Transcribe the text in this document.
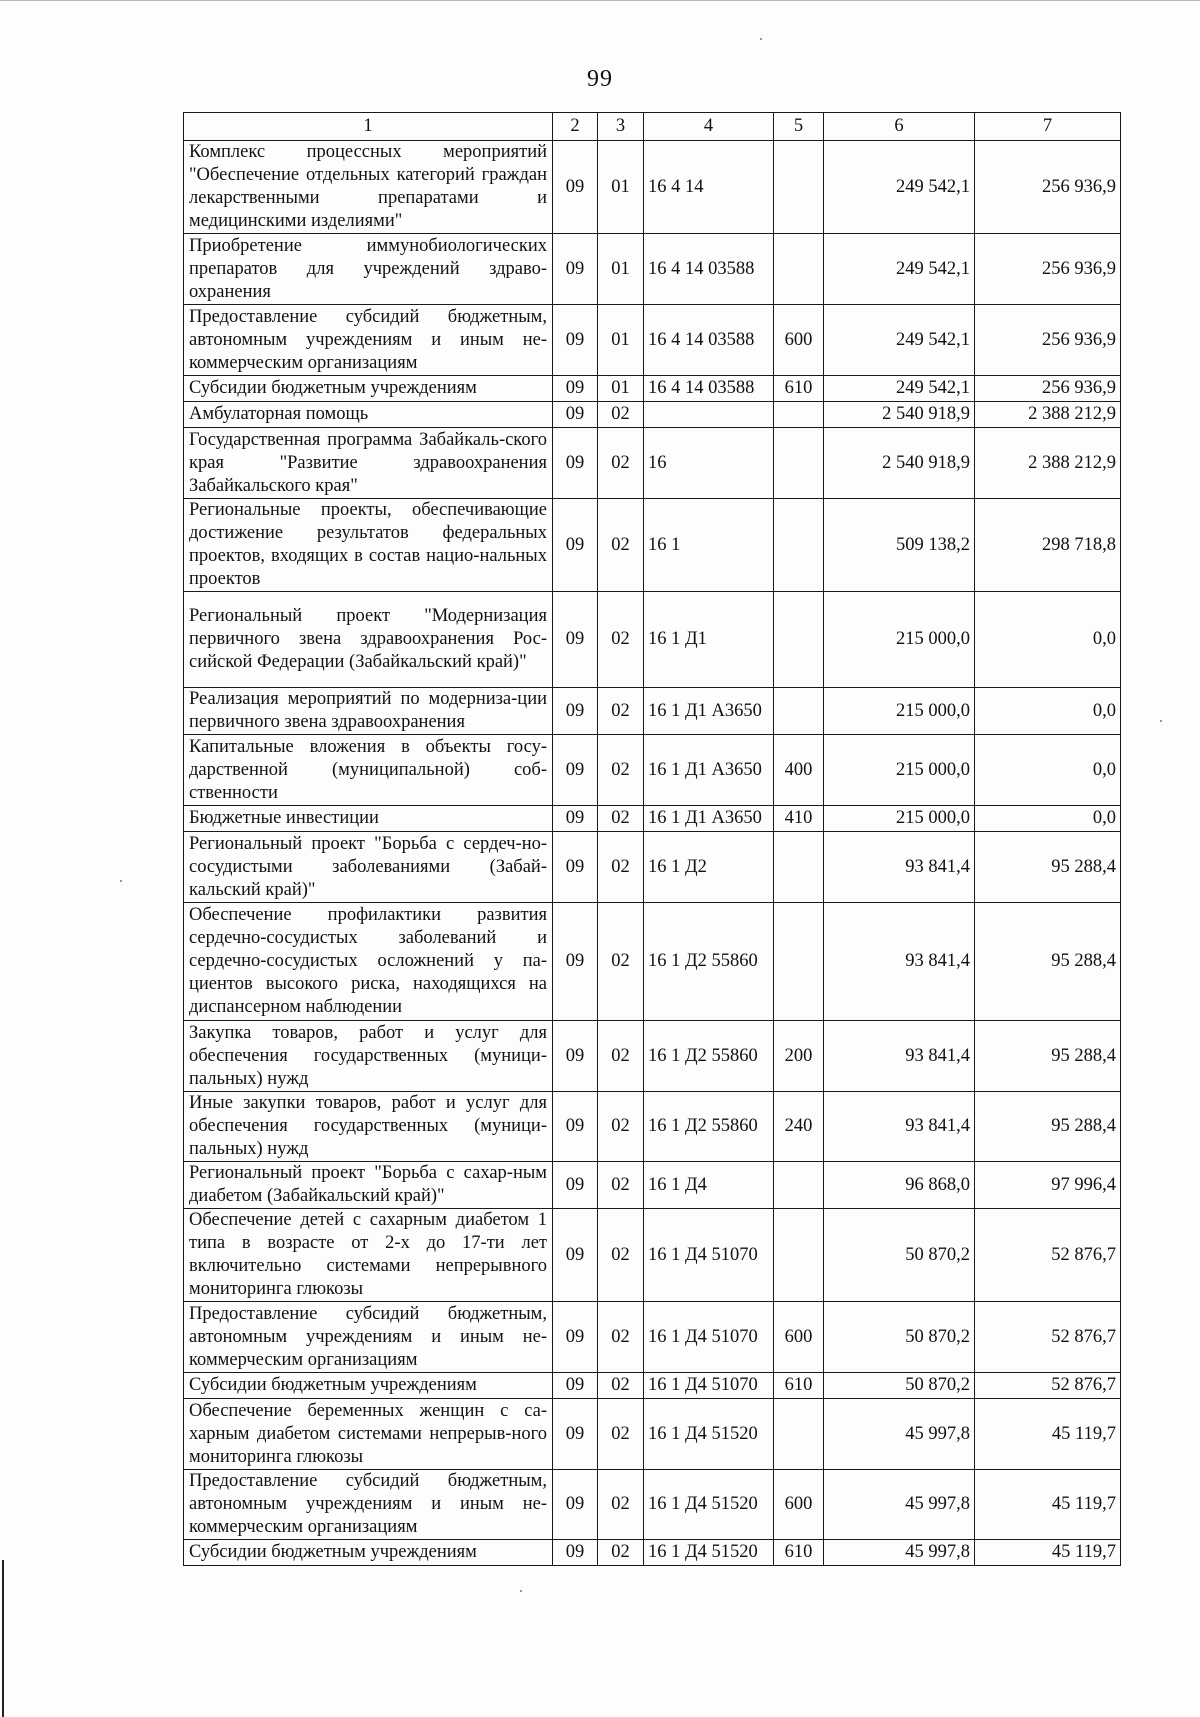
99
1	2	3	4	5	6	7
Комплекс процессных мероприятий "Обеспечение отдельных категорий граждан лекарственными препаратами и медицинскими изделиями"	09	01	16 4 14		249 542,1	256 936,9
Приобретение иммунобиологических препаратов для учреждений здраво-охранения	09	01	16 4 14 03588		249 542,1	256 936,9
Предоставление субсидий бюджетным, автономным учреждениям и иным не-коммерческим организациям	09	01	16 4 14 03588	600	249 542,1	256 936,9
Субсидии бюджетным учреждениям	09	01	16 4 14 03588	610	249 542,1	256 936,9
Амбулаторная помощь	09	02			2 540 918,9	2 388 212,9
Государственная программа Забайкаль-ского края "Развитие здравоохранения Забайкальского края"	09	02	16		2 540 918,9	2 388 212,9
Региональные проекты, обеспечивающие достижение результатов федеральных проектов, входящих в состав нацио-нальных проектов	09	02	16 1		509 138,2	298 718,8
Региональный проект "Модернизация первичного звена здравоохранения Рос-сийской Федерации (Забайкальский край)"	09	02	16 1 Д1		215 000,0	0,0
Реализация мероприятий по модерниза-ции первичного звена здравоохранения	09	02	16 1 Д1 А3650		215 000,0	0,0
Капитальные вложения в объекты госу-дарственной (муниципальной) соб-ственности	09	02	16 1 Д1 А3650	400	215 000,0	0,0
Бюджетные инвестиции	09	02	16 1 Д1 А3650	410	215 000,0	0,0
Региональный проект "Борьба с сердеч-но-сосудистыми заболеваниями (Забай-кальский край)"	09	02	16 1 Д2		93 841,4	95 288,4
Обеспечение профилактики развития сердечно-сосудистых заболеваний и сердечно-сосудистых осложнений у па-циентов высокого риска, находящихся на диспансерном наблюдении	09	02	16 1 Д2 55860		93 841,4	95 288,4
Закупка товаров, работ и услуг для обеспечения государственных (муници-пальных) нужд	09	02	16 1 Д2 55860	200	93 841,4	95 288,4
Иные закупки товаров, работ и услуг для обеспечения государственных (муници-пальных) нужд	09	02	16 1 Д2 55860	240	93 841,4	95 288,4
Региональный проект "Борьба с сахар-ным диабетом (Забайкальский край)"	09	02	16 1 Д4		96 868,0	97 996,4
Обеспечение детей с сахарным диабетом 1 типа в возрасте от 2-х до 17-ти лет включительно системами непрерывного мониторинга глюкозы	09	02	16 1 Д4 51070		50 870,2	52 876,7
Предоставление субсидий бюджетным, автономным учреждениям и иным не-коммерческим организациям	09	02	16 1 Д4 51070	600	50 870,2	52 876,7
Субсидии бюджетным учреждениям	09	02	16 1 Д4 51070	610	50 870,2	52 876,7
Обеспечение беременных женщин с са-харным диабетом системами непрерыв-ного мониторинга глюкозы	09	02	16 1 Д4 51520		45 997,8	45 119,7
Предоставление субсидий бюджетным, автономным учреждениям и иным не-коммерческим организациям	09	02	16 1 Д4 51520	600	45 997,8	45 119,7
Субсидии бюджетным учреждениям	09	02	16 1 Д4 51520	610	45 997,8	45 119,7
